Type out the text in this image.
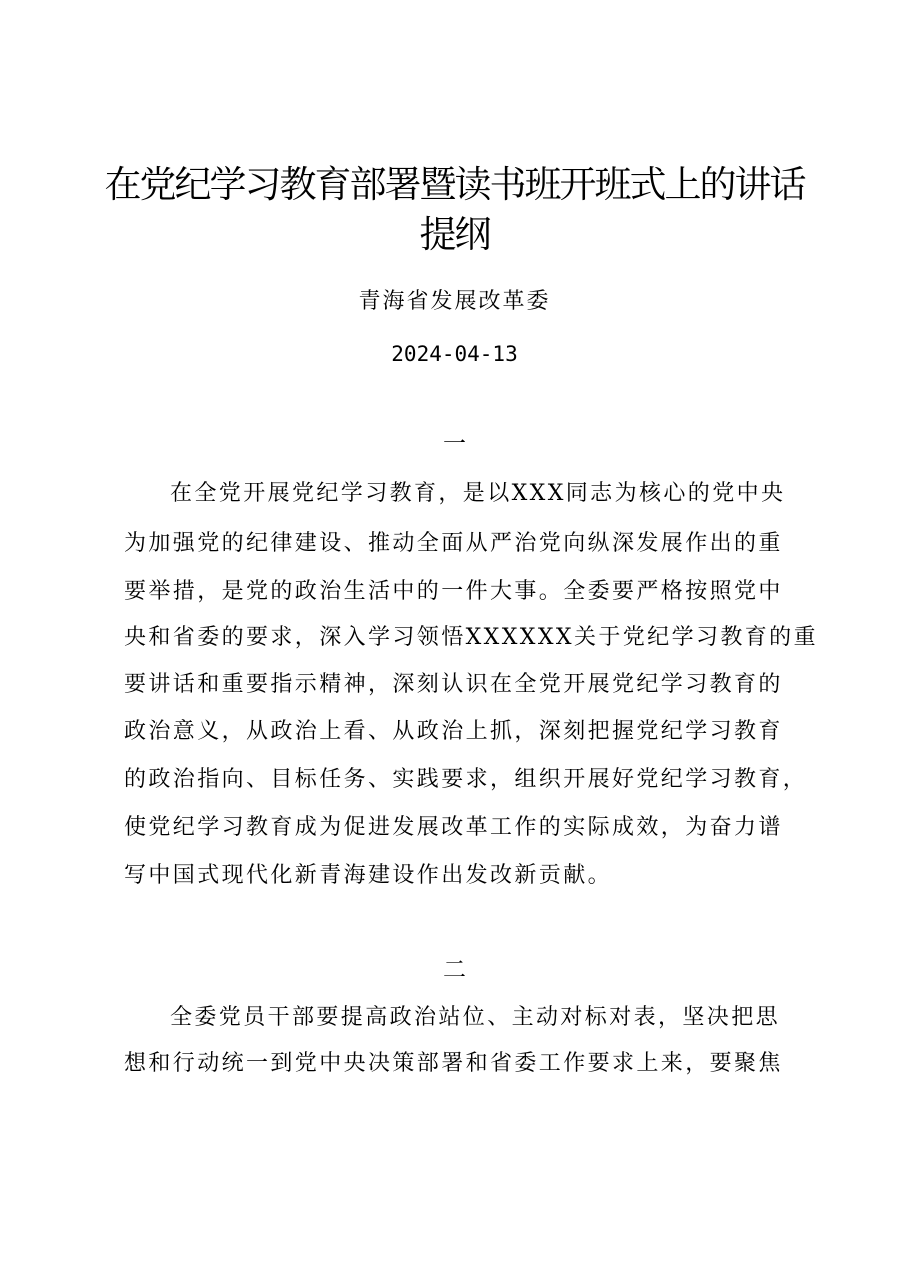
在党纪学习教育部署暨读书班开班式上的讲话
提纲
青海省发展改革委
2024-04-13
一
在全党开展党纪学习教育，是以XXX同志为核心的党中央
为加强党的纪律建设、推动全面从严治党向纵深发展作出的重
要举措，是党的政治生活中的一件大事。全委要严格按照党中
央和省委的要求，深入学习领悟XXXXXX关于党纪学习教育的重
要讲话和重要指示精神，深刻认识在全党开展党纪学习教育的
政治意义，从政治上看、从政治上抓，深刻把握党纪学习教育
的政治指向、目标任务、实践要求，组织开展好党纪学习教育，
使党纪学习教育成为促进发展改革工作的实际成效，为奋力谱
写中国式现代化新青海建设作出发改新贡献。
二
全委党员干部要提高政治站位、主动对标对表，坚决把思
想和行动统一到党中央决策部署和省委工作要求上来，要聚焦
